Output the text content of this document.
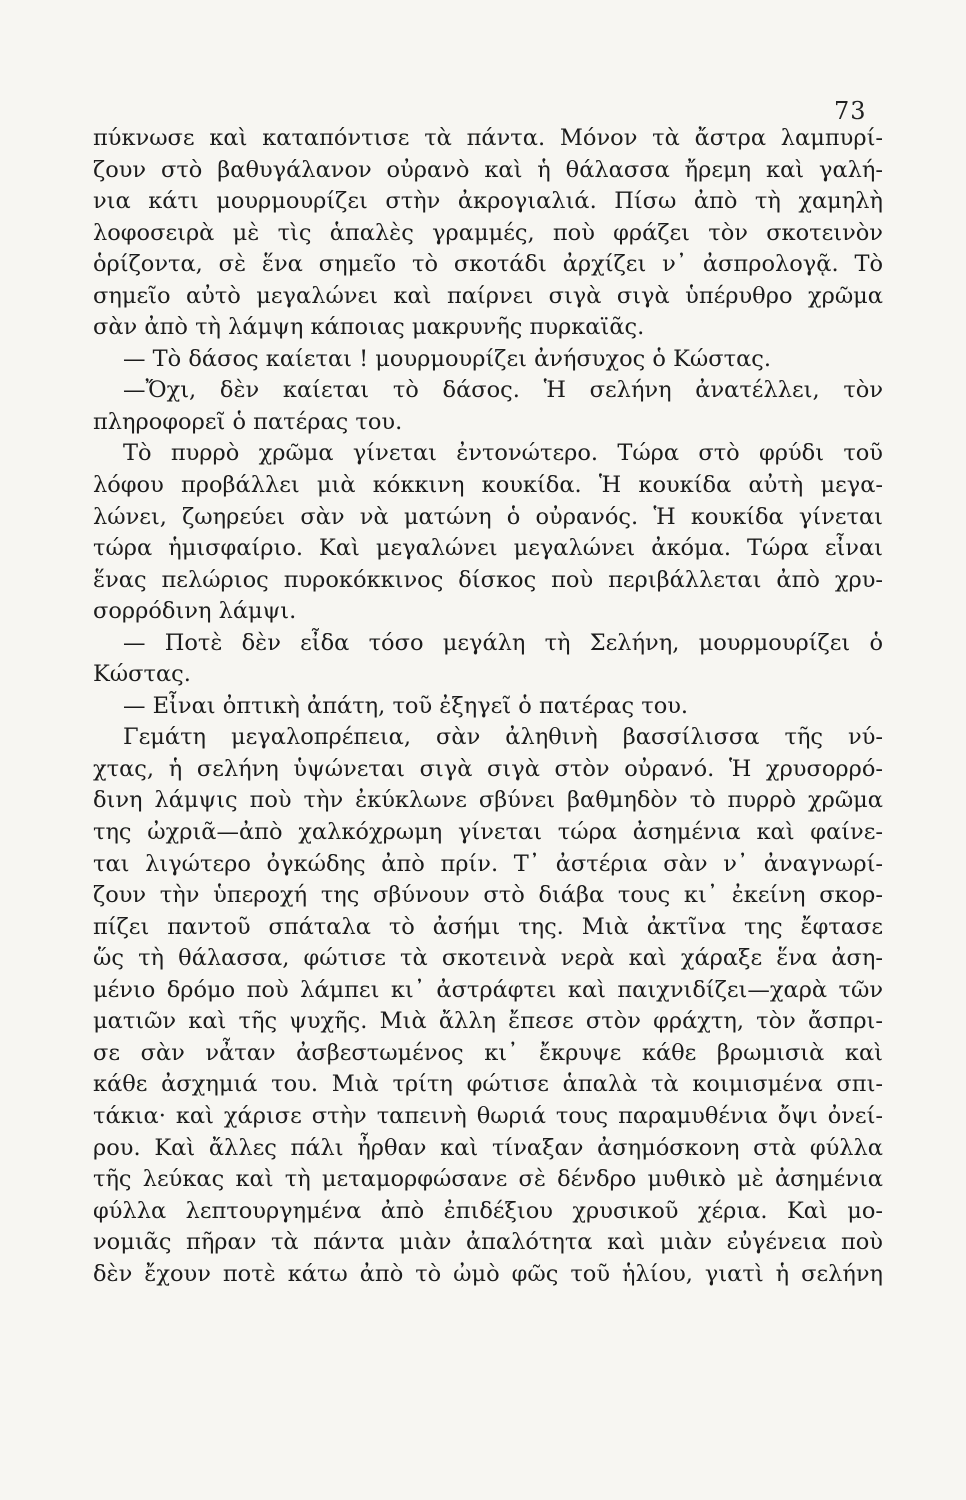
73
πύκνωσε καὶ καταπόντισε τὰ πάντα. Μόνον τὰ ἄστρα λαμπυρί-
ζουν στὸ βαθυγάλανον οὐρανὸ καὶ ἡ θάλασσα ἤρεμη καὶ γαλή-
νια κάτι μουρμουρίζει στὴν ἀκρογιαλιά. Πίσω ἀπὸ τὴ χαμηλὴ
λοφοσειρὰ μὲ τὶς ἁπαλὲς γραμμές, ποὺ φράζει τὸν σκοτεινὸν
ὁρίζοντα, σὲ ἕνα σημεῖο τὸ σκοτάδι ἀρχίζει ν᾽ ἀσπρολογᾷ. Τὸ
σημεῖο αὐτὸ μεγαλώνει καὶ παίρνει σιγὰ σιγὰ ὑπέρυθρο χρῶμα
σὰν ἀπὸ τὴ λάμψη κάποιας μακρυνῆς πυρκαϊᾶς.
— Τὸ δάσος καίεται ! μουρμουρίζει ἀνήσυχος ὁ Κώστας.
—Ὄχι, δὲν καίεται τὸ δάσος. Ἡ σελήνη ἀνατέλλει, τὸν
πληροφορεῖ ὁ πατέρας του.
Τὸ πυρρὸ χρῶμα γίνεται ἐντονώτερο. Τώρα στὸ φρύδι τοῦ
λόφου προβάλλει μιὰ κόκκινη κουκίδα. Ἡ κουκίδα αὐτὴ μεγα-
λώνει, ζωηρεύει σὰν νὰ ματώνη ὁ οὐρανός. Ἡ κουκίδα γίνεται
τώρα ἡμισφαίριο. Καὶ μεγαλώνει μεγαλώνει ἀκόμα. Τώρα εἶναι
ἕνας πελώριος πυροκόκκινος δίσκος ποὺ περιβάλλεται ἀπὸ χρυ-
σορρόδινη λάμψι.
— Ποτὲ δὲν εἶδα τόσο μεγάλη τὴ Σελήνη, μουρμουρίζει ὁ
Κώστας.
— Εἶναι ὀπτικὴ ἀπάτη, τοῦ ἐξηγεῖ ὁ πατέρας του.
Γεμάτη μεγαλοπρέπεια, σὰν ἀληθινὴ βασσίλισσα τῆς νύ-
χτας, ἡ σελήνη ὑψώνεται σιγὰ σιγὰ στὸν οὐρανό. Ἡ χρυσορρό-
δινη λάμψις ποὺ τὴν ἐκύκλωνε σβύνει βαθμηδὸν τὸ πυρρὸ χρῶμα
της ὠχριᾶ—ἀπὸ χαλκόχρωμη γίνεται τώρα ἀσημένια καὶ φαίνε-
ται λιγώτερο ὀγκώδης ἀπὸ πρίν. Τ᾽ ἀστέρια σὰν ν᾽ ἀναγνωρί-
ζουν τὴν ὑπεροχή της σβύνουν στὸ διάβα τους κι᾽ ἐκείνη σκορ-
πίζει παντοῦ σπάταλα τὸ ἀσήμι της. Μιὰ ἀκτῖνα της ἔφτασε
ὥς τὴ θάλασσα, φώτισε τὰ σκοτεινὰ νερὰ καὶ χάραξε ἕνα ἀση-
μένιο δρόμο ποὺ λάμπει κι᾽ ἀστράφτει καὶ παιχνιδίζει—χαρὰ τῶν
ματιῶν καὶ τῆς ψυχῆς. Μιὰ ἄλλη ἔπεσε στὸν φράχτη, τὸν ἄσπρι-
σε σὰν νἆταν ἀσβεστωμένος κι᾽ ἔκρυψε κάθε βρωμισιὰ καὶ
κάθε ἀσχημιά του. Μιὰ τρίτη φώτισε ἁπαλὰ τὰ κοιμισμένα σπι-
τάκια· καὶ χάρισε στὴν ταπεινὴ θωριά τους παραμυθένια ὄψι ὀνεί-
ρου. Καὶ ἄλλες πάλι ἦρθαν καὶ τίναξαν ἀσημόσκονη στὰ φύλλα
τῆς λεύκας καὶ τὴ μεταμορφώσανε σὲ δένδρο μυθικὸ μὲ ἀσημένια
φύλλα λεπτουργημένα ἀπὸ ἐπιδέξιου χρυσικοῦ χέρια. Καὶ μο-
νομιᾶς πῆραν τὰ πάντα μιὰν ἀπαλότητα καὶ μιὰν εὐγένεια ποὺ
δὲν ἔχουν ποτὲ κάτω ἀπὸ τὸ ὠμὸ φῶς τοῦ ἡλίου, γιατὶ ἡ σελήνη
